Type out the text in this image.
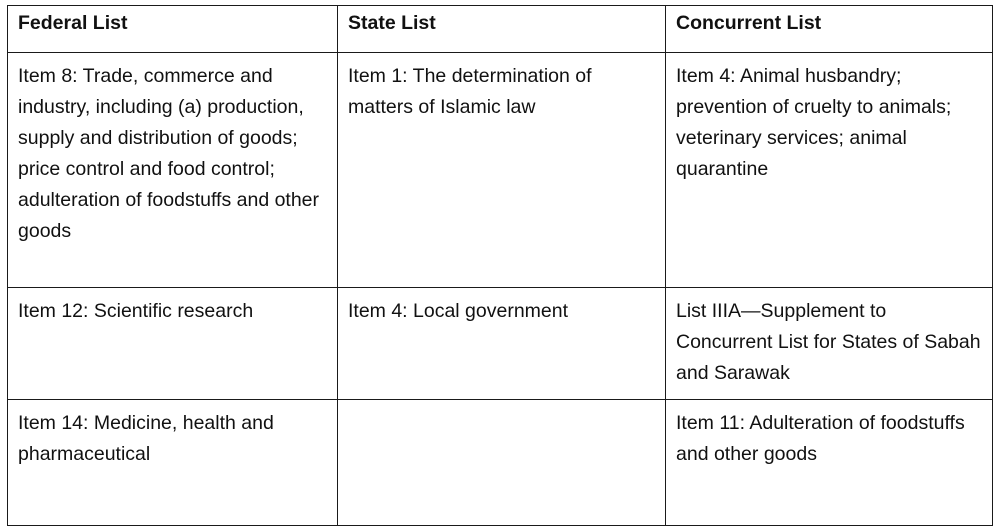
Federal List	State List	Concurrent List
Item 8: Trade, commerce and industry, including (a) production, supply and distribution of goods; price control and food control; adulteration of foodstuffs and other goods	Item 1: The determination of matters of Islamic law	Item 4: Animal husbandry; prevention of cruelty to animals; veterinary services; animal quarantine
Item 12: Scientific research	Item 4: Local government	List IIIA—Supplement to Concurrent List for States of Sabah and Sarawak
Item 14: Medicine, health and pharmaceutical		Item 11: Adulteration of foodstuffs and other goods
